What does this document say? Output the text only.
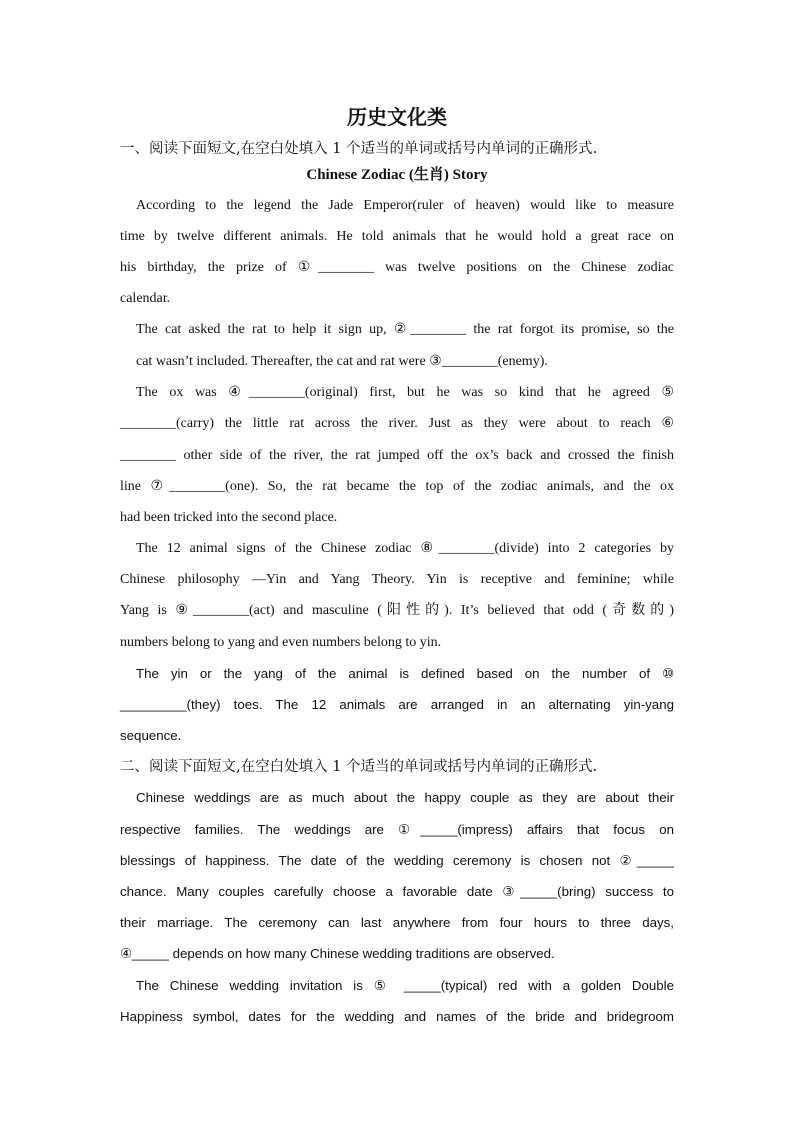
历史文化类
一、阅读下面短文,在空白处填入 1 个适当的单词或括号内单词的正确形式.
Chinese Zodiac (生肖) Story
According to the legend the Jade Emperor(ruler of heaven) would like to measure
time by twelve different animals. He told animals that he would hold a great race on
his birthday, the prize of ①________ was twelve positions on the Chinese zodiac
calendar.
The cat asked the rat to help it sign up, ②________ the rat forgot its promise, so the
cat wasn’t included. Thereafter, the cat and rat were ③________(enemy).
The ox was ④________(original) first, but he was so kind that he agreed ⑤
________(carry) the little rat across the river. Just as they were about to reach ⑥
________ other side of the river, the rat jumped off the ox’s back and crossed the finish
line ⑦________(one). So, the rat became the top of the zodiac animals, and the ox
had been tricked into the second place.
The 12 animal signs of the Chinese zodiac ⑧________(divide) into 2 categories by
Chinese philosophy —Yin and Yang Theory. Yin is receptive and feminine; while
Yang is ⑨________(act) and masculine (阳性的). It’s believed that odd (奇数的)
numbers belong to yang and even numbers belong to yin.
The yin or the yang of the animal is defined based on the number of ⑩
_________(they) toes. The 12 animals are arranged in an alternating yin-yang
sequence.
二、阅读下面短文,在空白处填入 1 个适当的单词或括号内单词的正确形式.
Chinese weddings are as much about the happy couple as they are about their
respective families. The weddings are ①_____(impress) affairs that focus on
blessings of happiness. The date of the wedding ceremony is chosen not ②_____
chance. Many couples carefully choose a favorable date ③_____(bring) success to
their marriage. The ceremony can last anywhere from four hours to three days,
④_____ depends on how many Chinese wedding traditions are observed.
The Chinese wedding invitation is ⑤ _____(typical) red with a golden Double
Happiness symbol, dates for the wedding and names of the bride and bridegroom
